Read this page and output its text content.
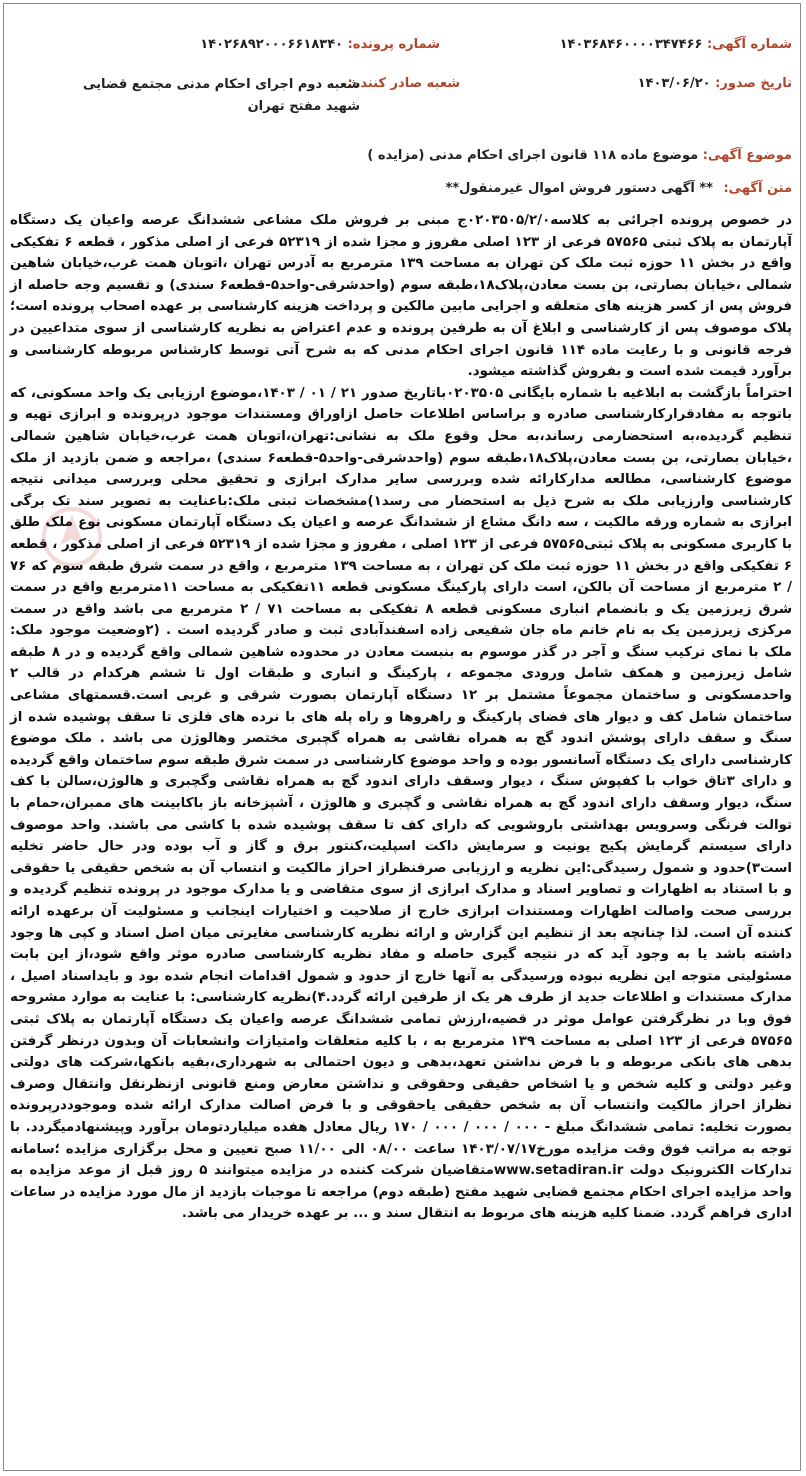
شماره آگهی: ۱۴۰۳۶۸۴۶۰۰۰۰۳۴۷۴۶۶
شماره پرونده: ۱۴۰۲۶۸۹۲۰۰۰۶۶۱۸۳۴۰
تاریخ صدور: ۱۴۰۳/۰۶/۲۰
شعبه صادر کننده:
شعبه دوم اجرای احکام مدنی مجتمع قضایی شهید مفتح تهران
موضوع آگهی: موضوع ماده ۱۱۸ قانون اجرای احکام مدنی (مزایده )
متن آگهی: ** آگهی دستور فروش اموال غیرمنقول**

در خصوص پرونده اجرائی به کلاسه۰۲۰۳۵۰۵/۲/۰ج مبنی بر فروش ملک مشاعی ششدانگ عرصه واعیان یک دستگاه آپارتمان به پلاک ثبتی ۵۷۵۶۵ فرعی از ۱۲۳ اصلی مفروز و مجزا شده از ۵۲۳۱۹ فرعی از اصلی مذکور ، قطعه ۶ تفکیکی واقع در بخش ۱۱ حوزه ثبت ملک کن تهران به مساحت ۱۳۹ مترمربع به آدرس تهران ،اتوبان همت غرب،خیابان شاهین شمالی ،خیابان بصارتی، بن بست معادن،پلاک۱۸،طبقه سوم (واحدشرقی-واحد۵-قطعه۶ سندی) و تقسیم وجه حاصله از فروش پس از کسر هزینه های متعلقه و اجرایی مابین مالکین و پرداخت هزینه کارشناسی بر عهده اصحاب پرونده است؛ پلاک موصوف پس از کارشناسی و ابلاغ آن به طرفین پرونده و عدم اعتراض به نظریه کارشناسی از سوی متداعیین در فرجه قانونی و با رعایت ماده ۱۱۴ قانون اجرای احکام مدنی که به شرح آتی توسط کارشناس مربوطه کارشناسی و برآورد قیمت شده است و بفروش گذاشته میشود.

احتراماً بازگشت به ابلاغیه با شماره بایگانی ۰۲۰۳۵۰۵باتاریخ صدور ۲۱ / ۰۱ / ۱۴۰۳،موضوع ارزیابی یک واحد مسکونی، که باتوجه به مفادقرارکارشناسی صادره و براساس اطلاعات حاصل ازاوراق ومستندات موجود درپرونده و ابرازی تهیه و تنظیم گردیده،به استحضارمی رساند،به محل وقوع ملک به نشانی:تهران،اتوبان همت غرب،خیابان شاهین شمالی ،خیابان بصارتی، بن بست معادن،پلاک۱۸،طبقه سوم (واحدشرقی-واحد۵-قطعه۶ سندی) ،مراجعه و ضمن بازدید از ملک موضوع کارشناسی، مطالعه مدارکارائه شده وبررسی سایر مدارک ابرازی و تحقیق محلی وبررسی میدانی نتیجه کارشناسی وارزیابی ملک به شرح ذیل به استحضار می رسد۱)مشخصات ثبتی ملک:باعنایت به تصویر سند تک برگی ابرازی به شماره ورقه مالکیت ، سه دانگ مشاع از ششدانگ عرصه و اعیان یک دستگاه آپارتمان مسکونی نوع ملک طلق با کاربری مسکونی به پلاک ثبتی۵۷۵۶۵ فرعی از ۱۲۳ اصلی ، مفروز و مجزا شده از ۵۲۳۱۹ فرعی از اصلی مذکور ، قطعه ۶ تفکیکی واقع در بخش ۱۱ حوزه ثبت ملک کن تهران ، به مساحت ۱۳۹ مترمربع ، واقع در سمت شرق طبقه سوم که ۷۶ / ۲ مترمربع از مساحت آن بالکن، است دارای پارکینگ مسکونی قطعه ۱۱تفکیکی به مساحت ۱۱مترمربع واقع در سمت شرق زیرزمین یک و بانضمام انباری مسکونی قطعه ۸ تفکیکی به مساحت ۷۱ / ۲ مترمربع می باشد واقع در سمت مرکزی زیرزمین یک به نام خانم ماه جان شفیعی زاده اسفندآبادی ثبت و صادر گردیده است . (۲وضعیت موجود ملک: ملک با نمای ترکیب سنگ و آجر در گذر موسوم به بنبست معادن در محدوده شاهین شمالی واقع گردیده و در ۸ طبقه شامل زیرزمین و همکف شامل ورودی مجموعه ، پارکینگ و انباری و طبقات اول تا ششم هرکدام در قالب ۲ واحدمسکونی و ساختمان مجموعاً مشتمل بر ۱۲ دستگاه آپارتمان بصورت شرقی و غربی است.قسمتهای مشاعی ساختمان شامل کف و دیوار های فضای پارکینگ و راهروها و راه پله های با نرده های فلزی تا سقف پوشیده شده از سنگ و سقف دارای پوشش اندود گچ به همراه نقاشی به همراه گچبری مختصر وهالوژن می باشد . ملک موضوع کارشناسی دارای یک دستگاه آسانسور بوده و واحد موضوع کارشناسی در سمت شرق طبقه سوم ساختمان واقع گردیده و دارای ۳تاق خواب با کفپوش سنگ ، دیوار وسقف دارای اندود گچ به همراه نقاشی وگچبری و هالوژن،سالن با کف سنگ، دیوار وسقف دارای اندود گچ به همراه نقاشی و گچبری و هالوژن ، آشپزخانه باز باکابینت های ممبران،حمام با توالت فرنگی وسرویس بهداشتی باروشویی که دارای کف تا سقف پوشیده شده با کاشی می باشند. واحد موصوف دارای سیستم گرمایش پکیج یونیت و سرمایش داکت اسپلیت،کنتور برق و گاز و آب بوده ودر حال حاضر تخلیه است۳)حدود و شمول رسیدگی:این نظریه و ارزیابی صرفنظراز احراز مالکیت و انتساب آن به شخص حقیقی یا حقوقی و با استناد به اظهارات و تصاویر اسناد و مدارک ابرازی از سوی متقاضی و یا مدارک موجود در پرونده تنظیم گردیده و بررسی صحت واصالت اظهارات ومستندات ابرازی خارج از صلاحیت و اختیارات اینجانب و مسئولیت آن برعهده ارائه کننده آن است. لذا چنانچه بعد از تنظیم این گزارش و ارائه نظریه کارشناسی مغایرتی میان اصل اسناد و کپی ها وجود داشته باشد یا به وجود آید که در نتیجه گیری حاصله و مفاد نظریه کارشناسی صادره موثر واقع شود،از این بابت مسئولیتی متوجه این نظریه نبوده ورسیدگی به آنها خارج از حدود و شمول اقدامات انجام شده بود و بایداسناد اصیل ، مدارک مستندات و اطلاعات جدید از طرف هر یک از طرفین ارائه گردد.۴)نظریه کارشناسی: با عنایت به موارد مشروحه فوق وبا در نظرگرفتن عوامل موثر در قضیه،ارزش تمامی ششدانگ عرصه واعیان یک دستگاه آپارتمان به پلاک ثبتی ۵۷۵۶۵ فرعی از ۱۲۳ اصلی به مساحت ۱۳۹ مترمربع به ، با کلیه متعلقات وامتیازات وانشعابات آن وبدون درنظر گرفتن بدهی های بانکی مربوطه و با فرض نداشتن تعهد،بدهی و دیون احتمالی به شهرداری،بقیه بانکها،شرکت های دولتی وغیر دولتی و کلیه شخص و یا اشخاص حقیقی وحقوقی و نداشتن معارض ومنع قانونی ازنظرنقل وانتقال وصرف نظراز احراز مالکیت وانتساب آن به شخص حقیقی یاحقوقی و با فرض اصالت مدارک ارائه شده وموجوددرپرونده بصورت تخلیه: تمامی ششدانگ مبلغ - ۰۰۰ / ۰۰۰ / ۰۰۰ / ۱۷۰ ریال معادل هفده میلیاردتومان برآورد وپیشنهادمیگردد. با توجه به مراتب فوق وقت مزایده مورخ۱۴۰۳/۰۷/۱۷ ساعت ۰۸/۰۰ الی ۱۱/۰۰ صبح تعیین و محل برگزاری مزایده ؛سامانه تدارکات الکترونیک دولت www.setadiran.irمتقاضیان شرکت کننده در مزایده میتوانند ۵ روز قبل از موعد مزایده به واحد مزایده اجرای احکام مجتمع قضایی شهید مفتح (طبقه دوم) مراجعه تا موجبات بازدید از مال مورد مزایده در ساعات اداری فراهم گردد. ضمنا کلیه هزینه های مربوط به انتقال سند و ... بر عهده خریدار می باشد.
